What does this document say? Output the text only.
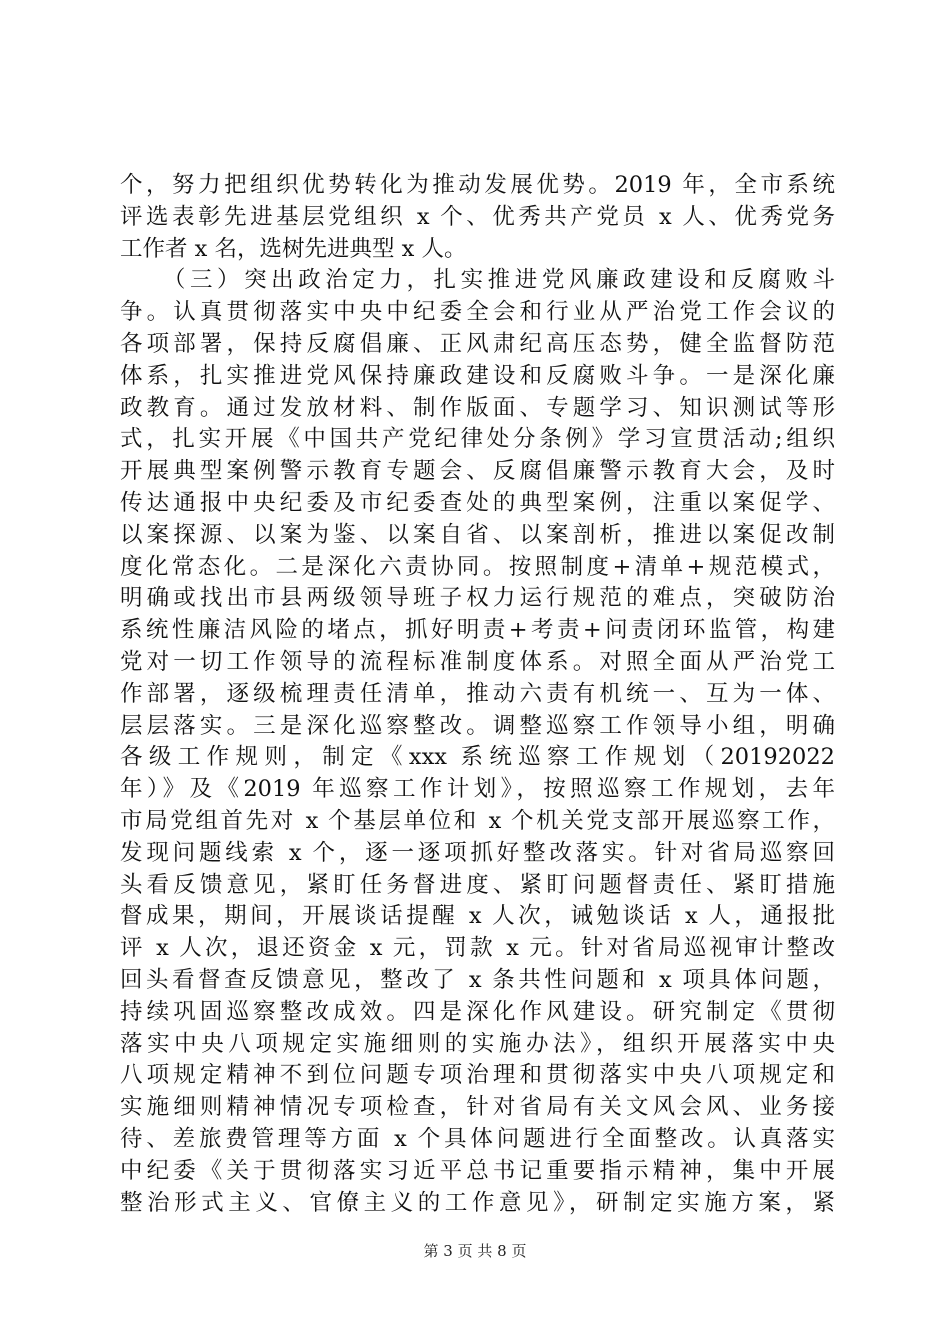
个，努力把组织优势转化为推动发展优势。2019 年，全市系统
评选表彰先进基层党组织 x 个、优秀共产党员 x 人、优秀党务
工作者 x 名，选树先进典型 x 人。
　　（三）突出政治定力，扎实推进党风廉政建设和反腐败斗
争。认真贯彻落实中央中纪委全会和行业从严治党工作会议的
各项部署，保持反腐倡廉、正风肃纪高压态势，健全监督防范
体系，扎实推进党风保持廉政建设和反腐败斗争。一是深化廉
政教育。通过发放材料、制作版面、专题学习、知识测试等形
式，扎实开展《中国共产党纪律处分条例》学习宣贯活动;组织
开展典型案例警示教育专题会、反腐倡廉警示教育大会，及时
传达通报中央纪委及市纪委查处的典型案例，注重以案促学、
以案探源、以案为鉴、以案自省、以案剖析，推进以案促改制
度化常态化。二是深化六责协同。按照制度+清单+规范模式，
明确或找出市县两级领导班子权力运行规范的难点，突破防治
系统性廉洁风险的堵点，抓好明责+考责+问责闭环监管，构建
党对一切工作领导的流程标准制度体系。对照全面从严治党工
作部署，逐级梳理责任清单，推动六责有机统一、互为一体、
层层落实。三是深化巡察整改。调整巡察工作领导小组，明确
各级工作规则，制定《xxx 系统巡察工作规划（20192022
年）》及《2019 年巡察工作计划》，按照巡察工作规划，去年
市局党组首先对 x 个基层单位和 x 个机关党支部开展巡察工作，
发现问题线索 x 个，逐一逐项抓好整改落实。针对省局巡察回
头看反馈意见，紧盯任务督进度、紧盯问题督责任、紧盯措施
督成果，期间，开展谈话提醒 x 人次，诫勉谈话 x 人，通报批
评 x 人次，退还资金 x 元，罚款 x 元。针对省局巡视审计整改
回头看督查反馈意见，整改了 x 条共性问题和 x 项具体问题，
持续巩固巡察整改成效。四是深化作风建设。研究制定《贯彻
落实中央八项规定实施细则的实施办法》，组织开展落实中央
八项规定精神不到位问题专项治理和贯彻落实中央八项规定和
实施细则精神情况专项检查，针对省局有关文风会风、业务接
待、差旅费管理等方面 x 个具体问题进行全面整改。认真落实
中纪委《关于贯彻落实习近平总书记重要指示精神，集中开展
整治形式主义、官僚主义的工作意见》，研制定实施方案，紧
第 3 页 共 8 页
